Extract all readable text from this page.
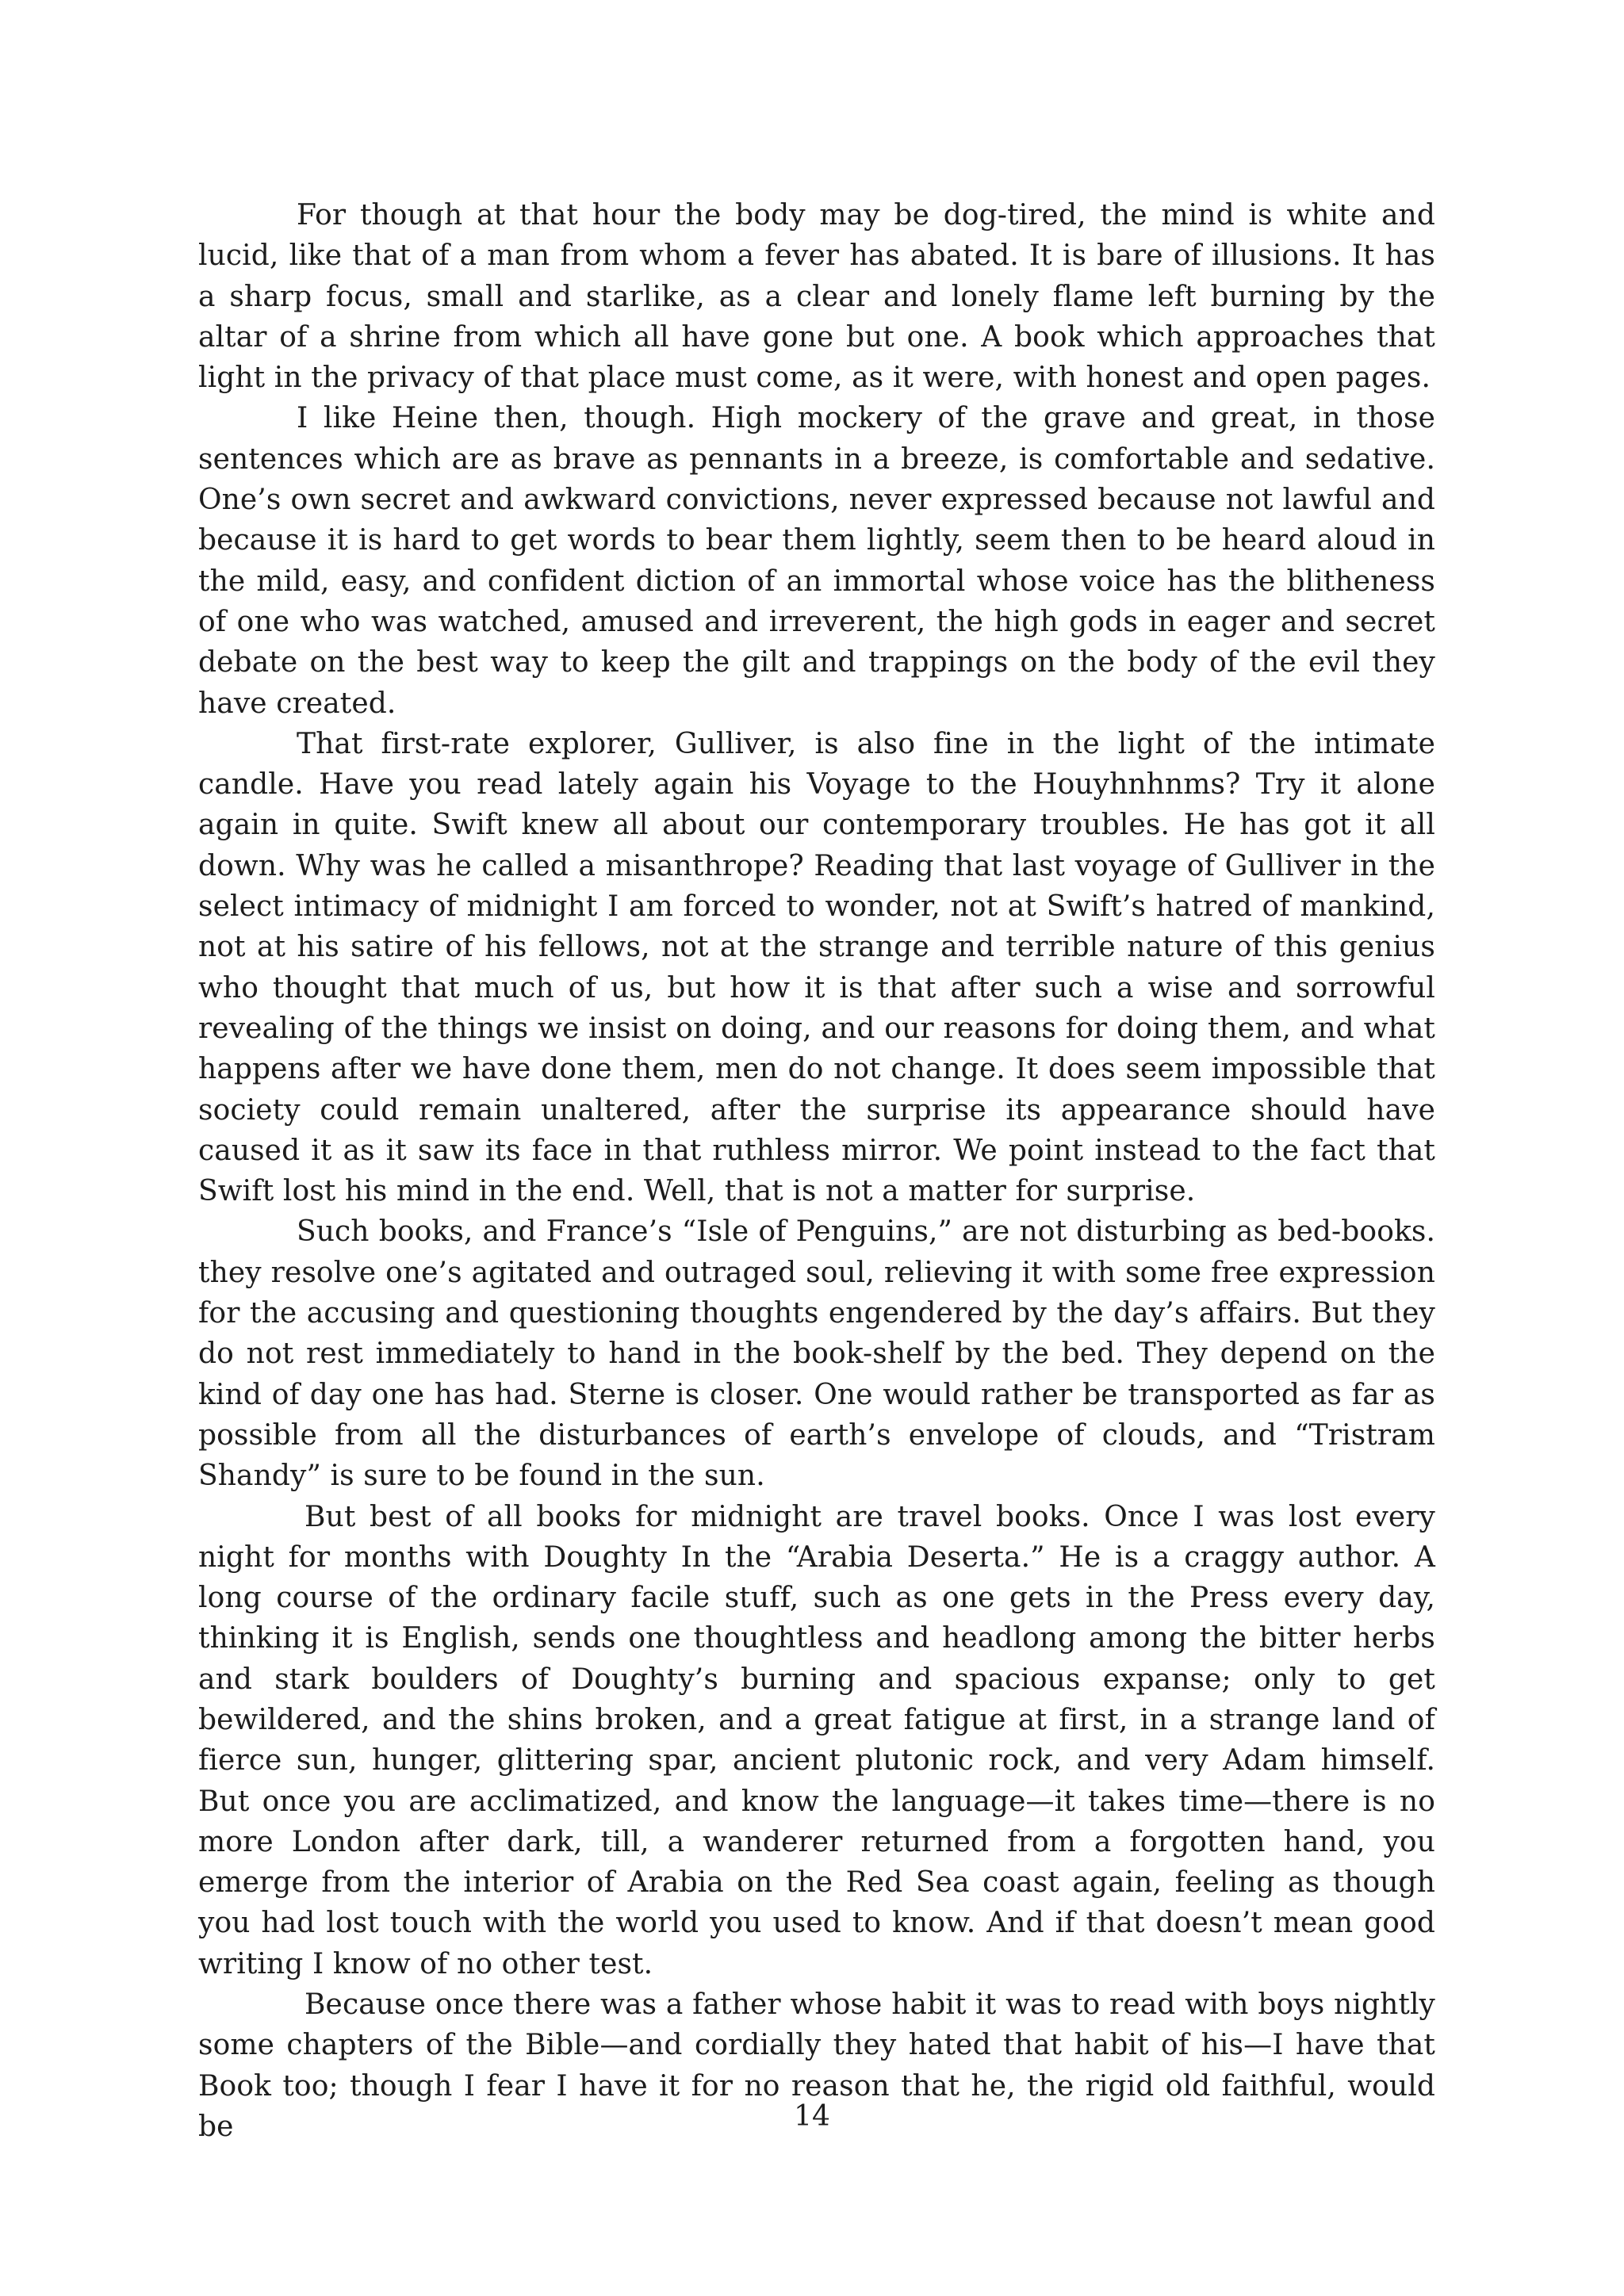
For though at that hour the body may be dog-tired, the mind is white and lucid, like that of a man from whom a fever has abated. It is bare of illusions. It has a sharp focus, small and starlike, as a clear and lonely flame left burning by the altar of a shrine from which all have gone but one. A book which approaches that light in the privacy of that place must come, as it were, with honest and open pages.

I like Heine then, though. High mockery of the grave and great, in those sentences which are as brave as pennants in a breeze, is comfortable and sedative. One’s own secret and awkward convictions, never expressed because not lawful and because it is hard to get words to bear them lightly, seem then to be heard aloud in the mild, easy, and confident diction of an immortal whose voice has the blitheness of one who was watched, amused and irreverent, the high gods in eager and secret debate on the best way to keep the gilt and trappings on the body of the evil they have created.

That first-rate explorer, Gulliver, is also fine in the light of the intimate candle. Have you read lately again his Voyage to the Houyhnhnms? Try it alone again in quite. Swift knew all about our contemporary troubles. He has got it all down. Why was he called a misanthrope? Reading that last voyage of Gulliver in the select intimacy of midnight I am forced to wonder, not at Swift’s hatred of mankind, not at his satire of his fellows, not at the strange and terrible nature of this genius who thought that much of us, but how it is that after such a wise and sorrowful revealing of the things we insist on doing, and our reasons for doing them, and what happens after we have done them, men do not change. It does seem impossible that society could remain unaltered, after the surprise its appearance should have caused it as it saw its face in that ruthless mirror. We point instead to the fact that Swift lost his mind in the end. Well, that is not a matter for surprise.

Such books, and France’s “Isle of Penguins,” are not disturbing as bed-books. they resolve one’s agitated and outraged soul, relieving it with some free expression for the accusing and questioning thoughts engendered by the day’s affairs. But they do not rest immediately to hand in the book-shelf by the bed. They depend on the kind of day one has had. Sterne is closer. One would rather be transported as far as possible from all the disturbances of earth’s envelope of clouds, and “Tristram Shandy” is sure to be found in the sun.

But best of all books for midnight are travel books. Once I was lost every night for months with Doughty In the “Arabia Deserta.” He is a craggy author. A long course of the ordinary facile stuff, such as one gets in the Press every day, thinking it is English, sends one thoughtless and headlong among the bitter herbs and stark boulders of Doughty’s burning and spacious expanse; only to get bewildered, and the shins broken, and a great fatigue at first, in a strange land of fierce sun, hunger, glittering spar, ancient plutonic rock, and very Adam himself. But once you are acclimatized, and know the language—it takes time—there is no more London after dark, till, a wanderer returned from a forgotten hand, you emerge from the interior of Arabia on the Red Sea coast again, feeling as though you had lost touch with the world you used to know. And if that doesn’t mean good writing I know of no other test.

Because once there was a father whose habit it was to read with boys nightly some chapters of the Bible—and cordially they hated that habit of his—I have that Book too; though I fear I have it for no reason that he, the rigid old faithful, would be	14
